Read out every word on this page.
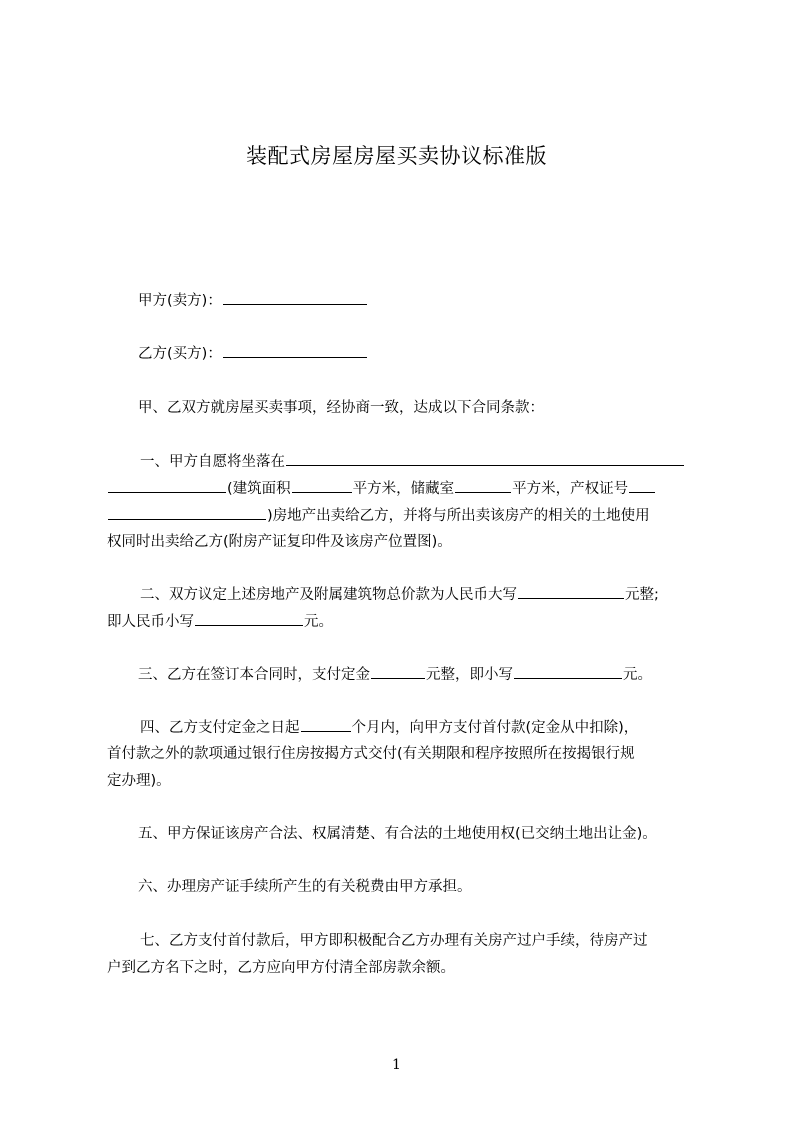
装配式房屋房屋买卖协议标准版

甲方(卖方)：

乙方(买方)：

甲、乙双方就房屋买卖事项，经协商一致，达成以下合同条款：

一、甲方自愿将坐落在

(建筑面积	平方米，储藏室	平方米，产权证号

)房地产出卖给乙方，并将与所出卖该房产的相关的土地使用

权同时出卖给乙方(附房产证复印件及该房产位置图)。

二、双方议定上述房地产及附属建筑物总价款为人民币大写	元整;

即人民币小写	元。

三、乙方在签订本合同时，支付定金	元整，即小写	元。

四、乙方支付定金之日起	个月内，向甲方支付首付款(定金从中扣除)，

首付款之外的款项通过银行住房按揭方式交付(有关期限和程序按照所在按揭银行规

定办理)。

五、甲方保证该房产合法、权属清楚、有合法的土地使用权(已交纳土地出让金)。

六、办理房产证手续所产生的有关税费由甲方承担。

七、乙方支付首付款后，甲方即积极配合乙方办理有关房产过户手续，待房产过

户到乙方名下之时，乙方应向甲方付清全部房款余额。

1
